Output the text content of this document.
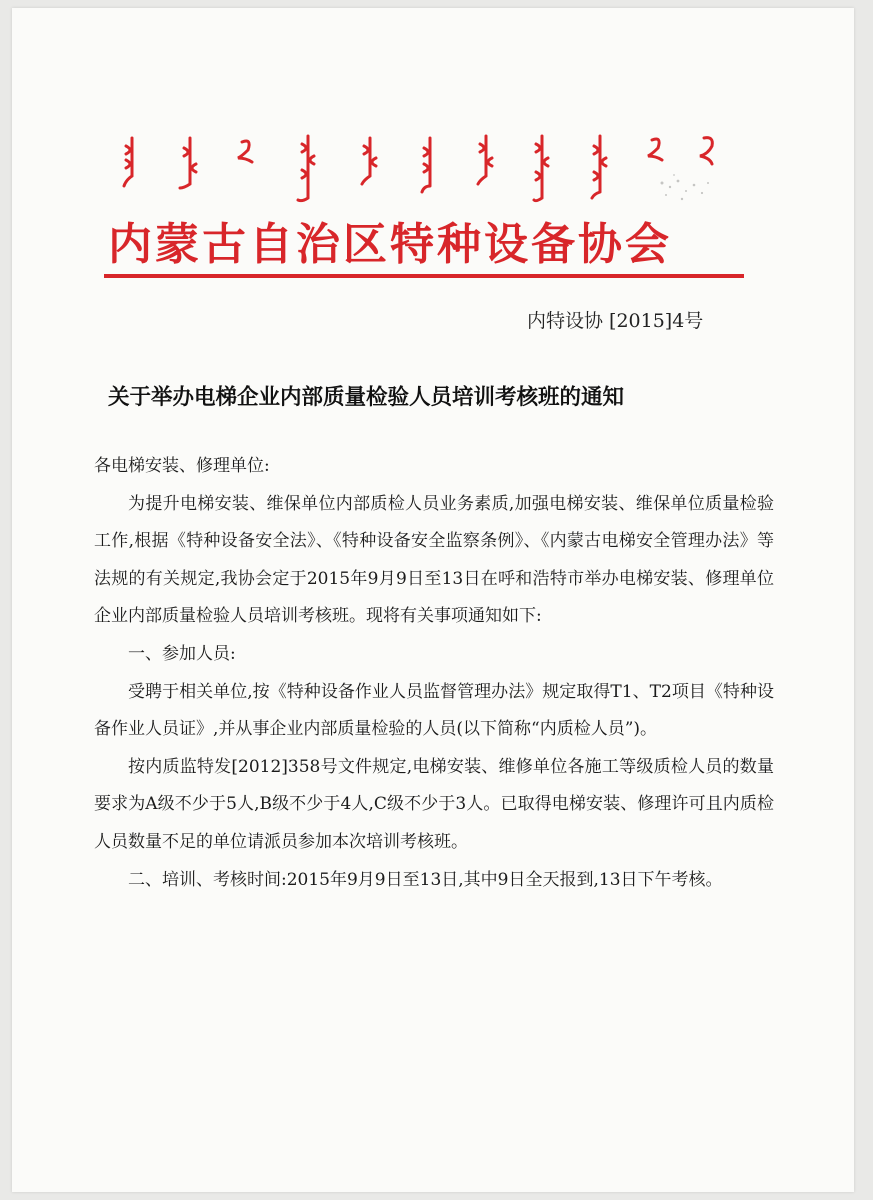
内蒙古自治区特种设备协会
内特设协 [2015]4号
关于举办电梯企业内部质量检验人员培训考核班的通知

各电梯安装、修理单位:

为提升电梯安装、维保单位内部质检人员业务素质,加强电梯安装、维保单位质量检验工作,根据《特种设备安全法》、《特种设备安全监察条例》、《内蒙古电梯安全管理办法》等法规的有关规定,我协会定于2015年9月9日至13日在呼和浩特市举办电梯安装、修理单位企业内部质量检验人员培训考核班。现将有关事项通知如下:

一、参加人员:

受聘于相关单位,按《特种设备作业人员监督管理办法》规定取得T1、T2项目《特种设备作业人员证》,并从事企业内部质量检验的人员(以下简称“内质检人员”)。

按内质监特发[2012]358号文件规定,电梯安装、维修单位各施工等级质检人员的数量要求为A级不少于5人,B级不少于4人,C级不少于3人。已取得电梯安装、修理许可且内质检人员数量不足的单位请派员参加本次培训考核班。

二、培训、考核时间:2015年9月9日至13日,其中9日全天报到,13日下午考核。
